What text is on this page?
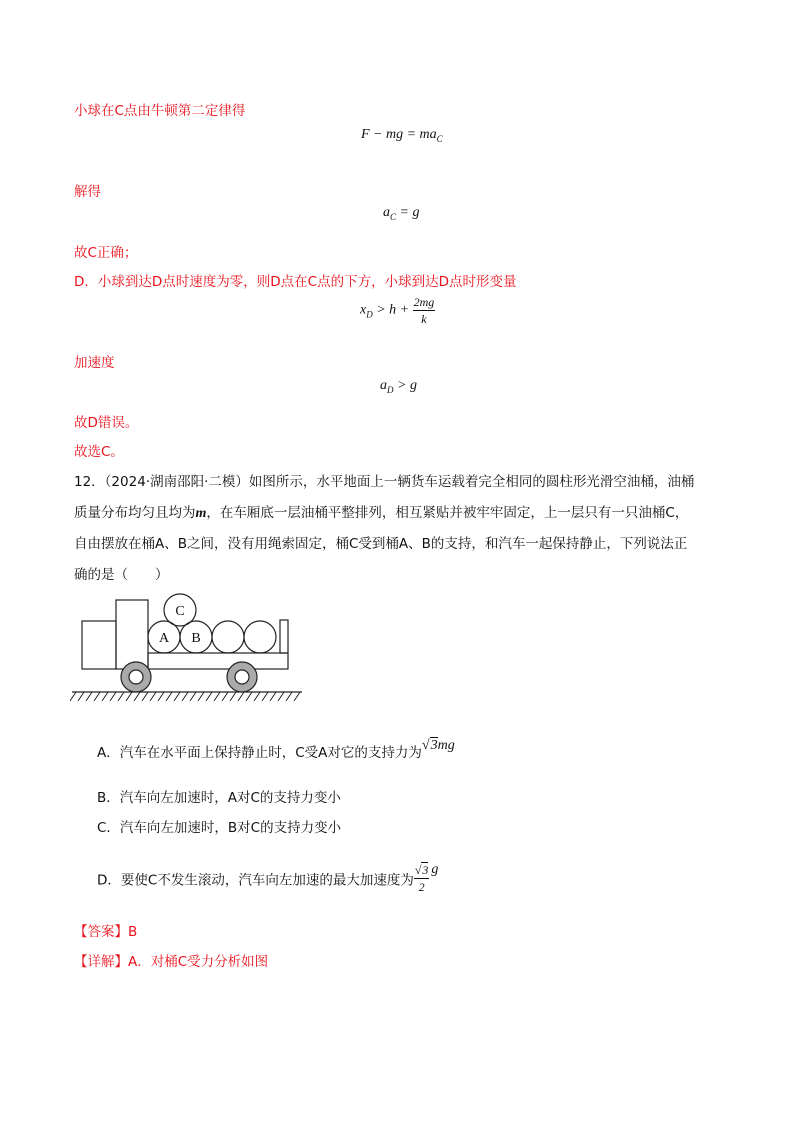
小球在C点由牛顿第二定律得
F − mg = $ma_C$
解得
$a_C = g$
故C正确；
D．小球到达D点时速度为零，则D点在C点的下方，小球到达D点时形变量
$x_D > h + \frac{2mg}{k}$
加速度
$a_D > g$
故D错误。
故选C。
12．（2024·湖南邵阳·二模）如图所示，水平地面上一辆货车运载着完全相同的圆柱形光滑空油桶，油桶
质量分布均匀且均为m，在车厢底一层油桶平整排列，相互紧贴并被牢牢固定，上一层只有一只油桶C，
自由摆放在桶A、B之间，没有用绳索固定，桶C受到桶A、B的支持，和汽车一起保持静止，下列说法正
确的是（　　）
C
A B
A．汽车在水平面上保持静止时，C受A对它的支持力为√3mg
B．汽车向左加速时，A对C的支持力变小
C．汽车向左加速时，B对C的支持力变小
D．要使C不发生滚动，汽车向左加速的最大加速度为 $\frac{√3}{2}$ g
【答案】B
【详解】A．对桶C受力分析如图
